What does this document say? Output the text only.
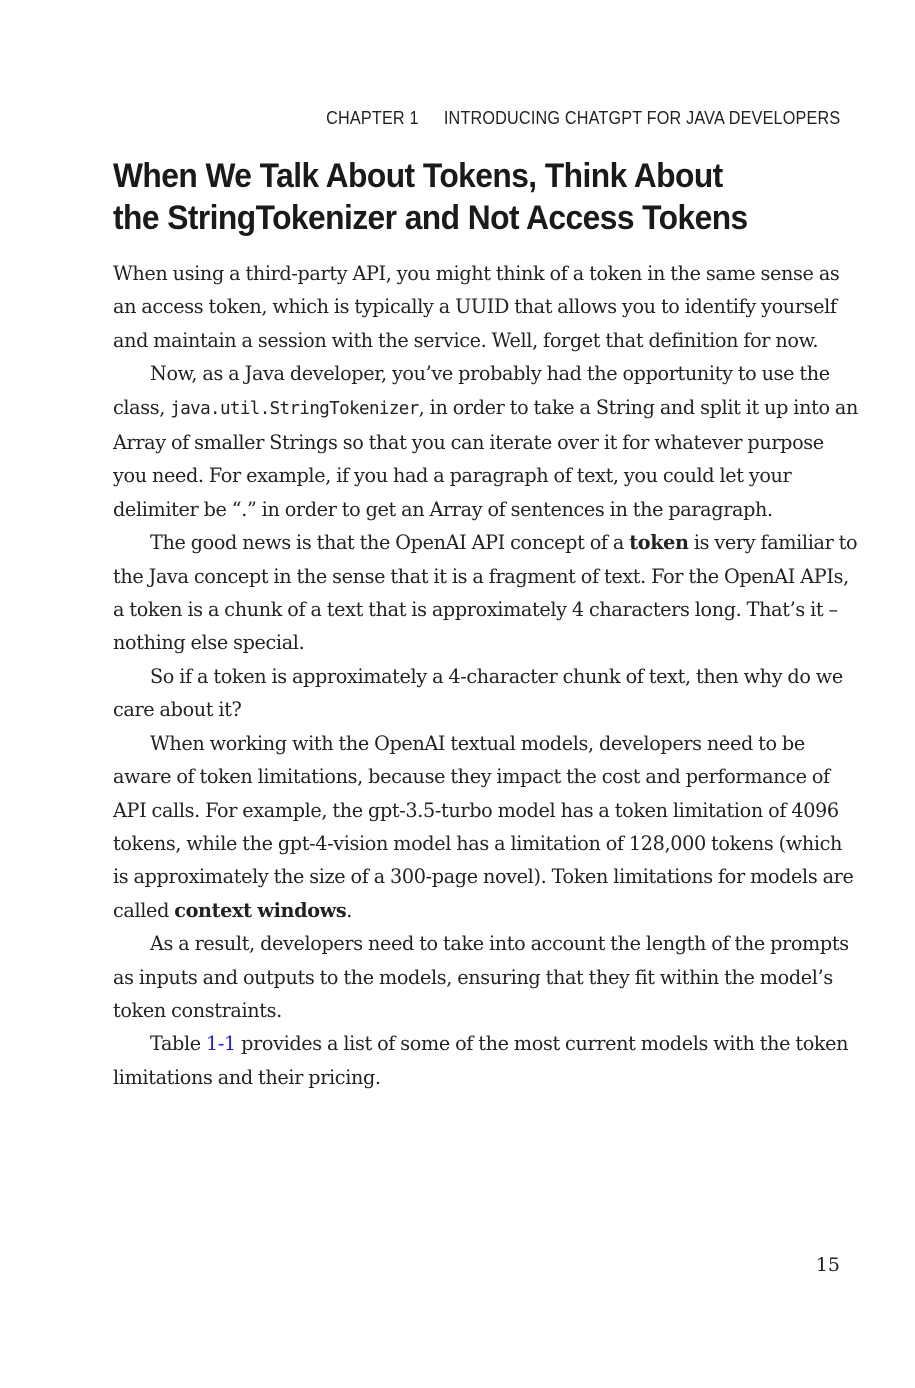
CHAPTER 1 INTRODUCING CHATGPT FOR JAVA DEVELOPERS
When We Talk About Tokens, Think About
the StringTokenizer and Not Access Tokens

When using a third-party API, you might think of a token in the same sense as an access token, which is typically a UUID that allows you to identify yourself and maintain a session with the service. Well, forget that definition for now.

Now, as a Java developer, you’ve probably had the opportunity to use the class, java.util.StringTokenizer, in order to take a String and split it up into an Array of smaller Strings so that you can iterate over it for whatever purpose you need. For example, if you had a paragraph of text, you could let your delimiter be “.” in order to get an Array of sentences in the paragraph.

The good news is that the OpenAI API concept of a token is very familiar to the Java concept in the sense that it is a fragment of text. For the OpenAI APIs, a token is a chunk of a text that is approximately 4 characters long. That’s it – nothing else special.

So if a token is approximately a 4-character chunk of text, then why do we care about it?

When working with the OpenAI textual models, developers need to be aware of token limitations, because they impact the cost and performance of API calls. For example, the gpt-3.5-turbo model has a token limitation of 4096 tokens, while the gpt-4-vision model has a limitation of 128,000 tokens (which is approximately the size of a 300-page novel). Token limitations for models are called context windows.

As a result, developers need to take into account the length of the prompts as inputs and outputs to the models, ensuring that they fit within the model’s token constraints.

Table 1-1 provides a list of some of the most current models with the token limitations and their pricing.

15
